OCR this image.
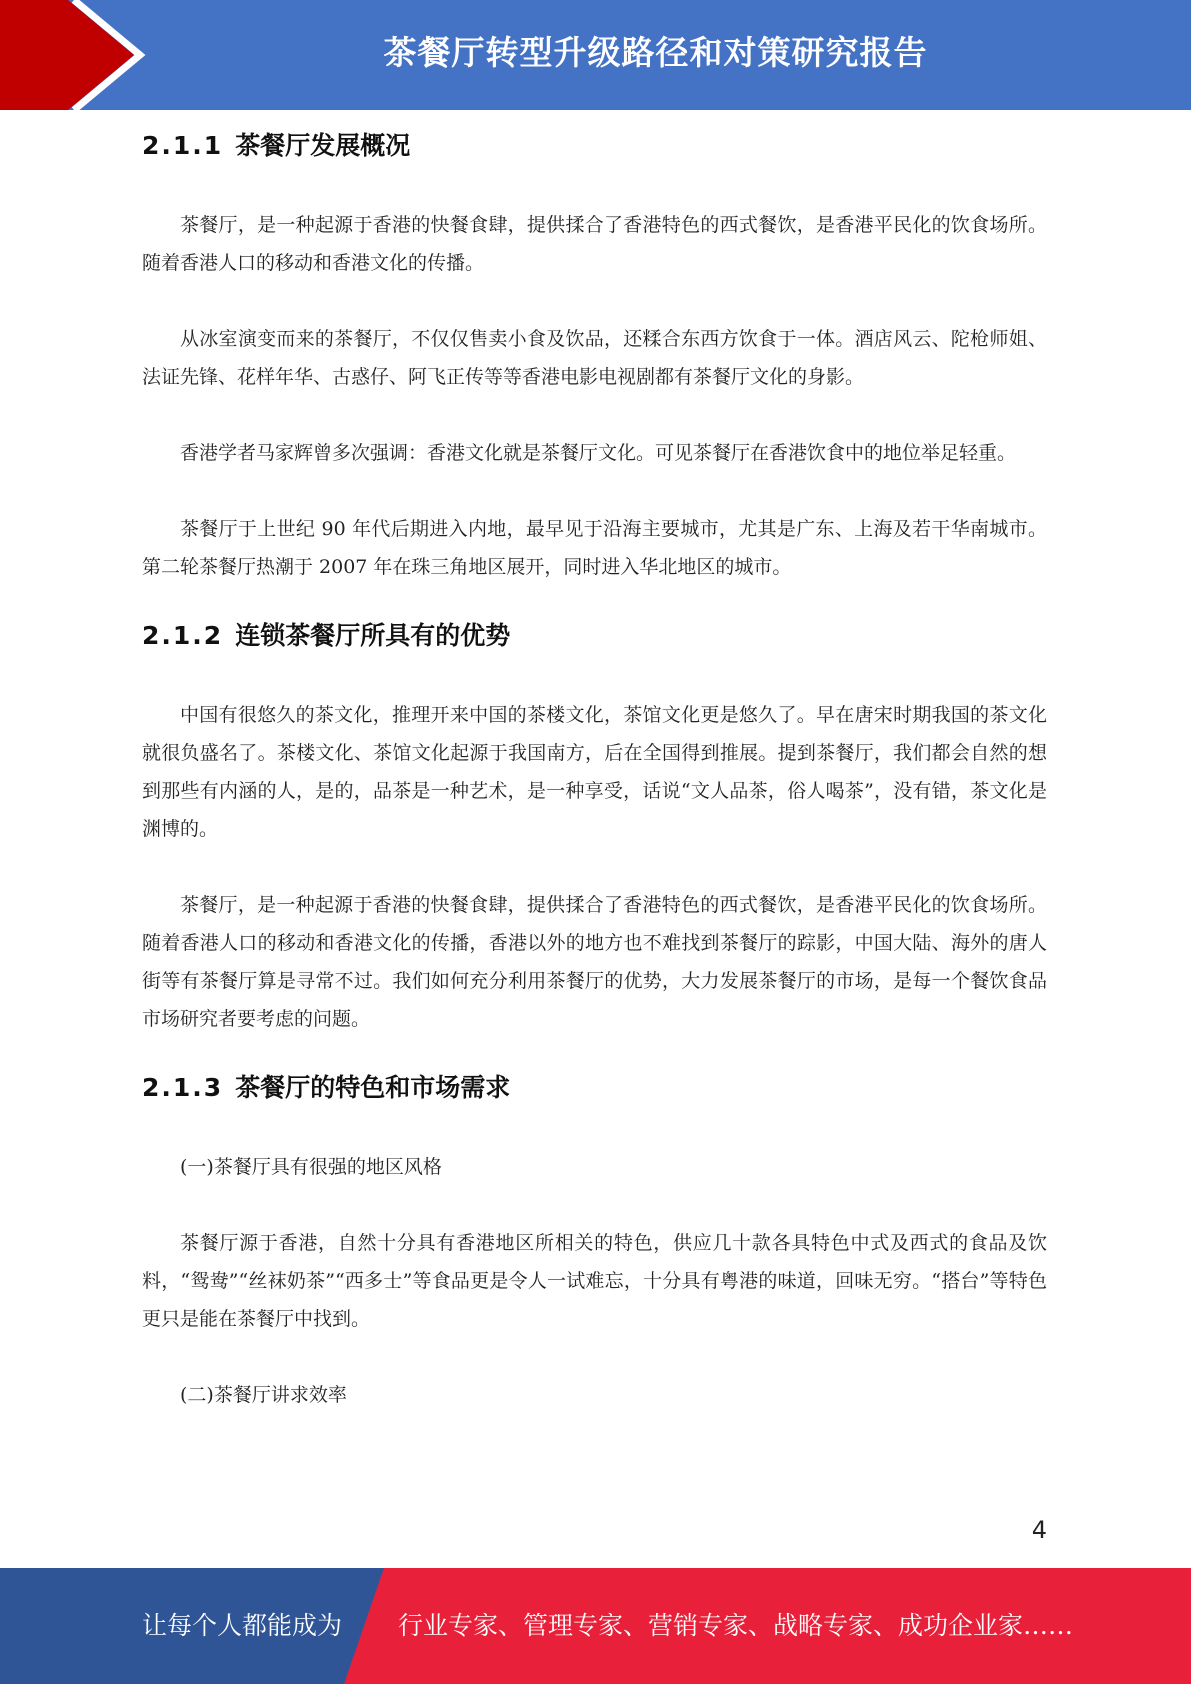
茶餐厅转型升级路径和对策研究报告
2.1.1 茶餐厅发展概况

茶餐厅，是一种起源于香港的快餐食肆，提供揉合了香港特色的西式餐饮，是香港平民化的饮食场所。随着香港人口的移动和香港文化的传播。

从冰室演变而来的茶餐厅，不仅仅售卖小食及饮品，还糅合东西方饮食于一体。酒店风云、陀枪师姐、法证先锋、花样年华、古惑仔、阿飞正传等等香港电影电视剧都有茶餐厅文化的身影。

香港学者马家辉曾多次强调：香港文化就是茶餐厅文化。可见茶餐厅在香港饮食中的地位举足轻重。

茶餐厅于上世纪 90 年代后期进入内地，最早见于沿海主要城市，尤其是广东、上海及若干华南城市。第二轮茶餐厅热潮于 2007 年在珠三角地区展开，同时进入华北地区的城市。

2.1.2 连锁茶餐厅所具有的优势

中国有很悠久的茶文化，推理开来中国的茶楼文化，茶馆文化更是悠久了。早在唐宋时期我国的茶文化就很负盛名了。茶楼文化、茶馆文化起源于我国南方，后在全国得到推展。提到茶餐厅，我们都会自然的想到那些有内涵的人，是的，品茶是一种艺术，是一种享受，话说“文人品茶，俗人喝茶”，没有错，茶文化是渊博的。

茶餐厅，是一种起源于香港的快餐食肆，提供揉合了香港特色的西式餐饮，是香港平民化的饮食场所。随着香港人口的移动和香港文化的传播，香港以外的地方也不难找到茶餐厅的踪影，中国大陆、海外的唐人街等有茶餐厅算是寻常不过。我们如何充分利用茶餐厅的优势，大力发展茶餐厅的市场，是每一个餐饮食品市场研究者要考虑的问题。

2.1.3 茶餐厅的特色和市场需求

(一)茶餐厅具有很强的地区风格

茶餐厅源于香港，自然十分具有香港地区所相关的特色，供应几十款各具特色中式及西式的食品及饮料，“鸳鸯”“丝袜奶茶”“西多士”等食品更是令人一试难忘，十分具有粤港的味道，回味无穷。“搭台”等特色更只是能在茶餐厅中找到。

(二)茶餐厅讲求效率

4
让每个人都能成为 行业专家、管理专家、营销专家、战略专家、成功企业家……
